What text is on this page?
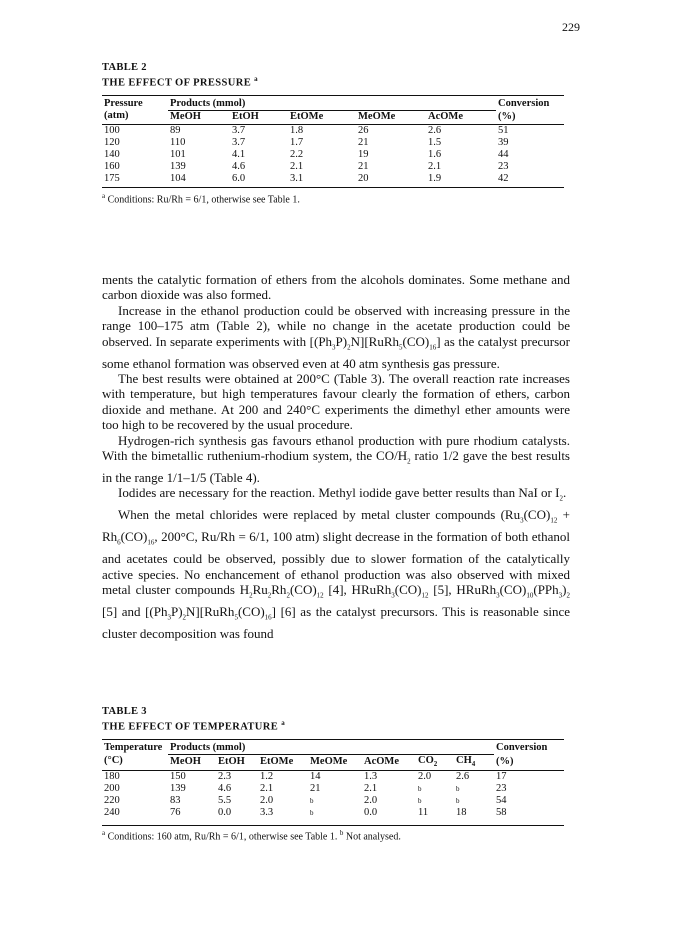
229
TABLE 2
THE EFFECT OF PRESSURE $^a$
Pressure	Products (mmol)					Conversion
(atm)	MeOH	EtOH	EtOMe	MeOMe	AcOMe	(%)
100	89	3.7	1.8	26	2.6	51
120	110	3.7	1.7	21	1.5	39
140	101	4.1	2.2	19	1.6	44
160	139	4.6	2.1	21	2.1	23
175	104	6.0	3.1	20	1.9	42
$^a$ Conditions: Ru/Rh = 6/1, otherwise see Table 1.

ments the catalytic formation of ethers from the alcohols dominates. Some methane and carbon dioxide was also formed.

Increase in the ethanol production could be observed with increasing pressure in the range 100–175 atm (Table 2), while no change in the acetate production could be observed. In separate experiments with $[(Ph_3P)_2N][RuRh_5(CO)_{16}]$ as the catalyst precursor some ethanol formation was observed even at 40 atm synthesis gas pressure.

The best results were obtained at 200°C (Table 3). The overall reaction rate increases with temperature, but high temperatures favour clearly the formation of ethers, carbon dioxide and methane. At 200 and 240°C experiments the dimethyl ether amounts were too high to be recovered by the usual procedure.

Hydrogen-rich synthesis gas favours ethanol production with pure rhodium catalysts. With the bimetallic ruthenium-rhodium system, the $CO/H_2$ ratio 1/2 gave the best results in the range 1/1–1/5 (Table 4).

Iodides are necessary for the reaction. Methyl iodide gave better results than NaI or $I_2$.

When the metal chlorides were replaced by metal cluster compounds ($Ru_3(CO)_{12} + Rh_6(CO)_{16}$, 200°C, Ru/Rh = 6/1, 100 atm) slight decrease in the formation of both ethanol and acetates could be observed, possibly due to slower formation of the catalytically active species. No enchancement of ethanol production was also observed with mixed metal cluster compounds $H_2Ru_2Rh_2(CO)_{12}$ [4], $HRuRh_3(CO)_{12}$ [5], $HRuRh_3(CO)_{10}(PPh_3)_2$ [5] and $[(Ph_3P)_2N][RuRh_5(CO)_{16}]$ [6] as the catalyst precursors. This is reasonable since cluster decomposition was found

TABLE 3
THE EFFECT OF TEMPERATURE $^a$
Temperature	Products (mmol)							Conversion
(°C)	MeOH	EtOH	EtOMe	MeOMe	AcOMe	$CO_2$	$CH_4$	(%)
180	150	2.3	1.2	14	1.3	2.0	2.6	17
200	139	4.6	2.1	21	2.1	b	b	23
220	83	5.5	2.0	b	2.0	b	b	54
240	76	0.0	3.3	b	0.0	11	18	58
$^a$ Conditions: 160 atm, Ru/Rh = 6/1, otherwise see Table 1. $^b$ Not analysed.
